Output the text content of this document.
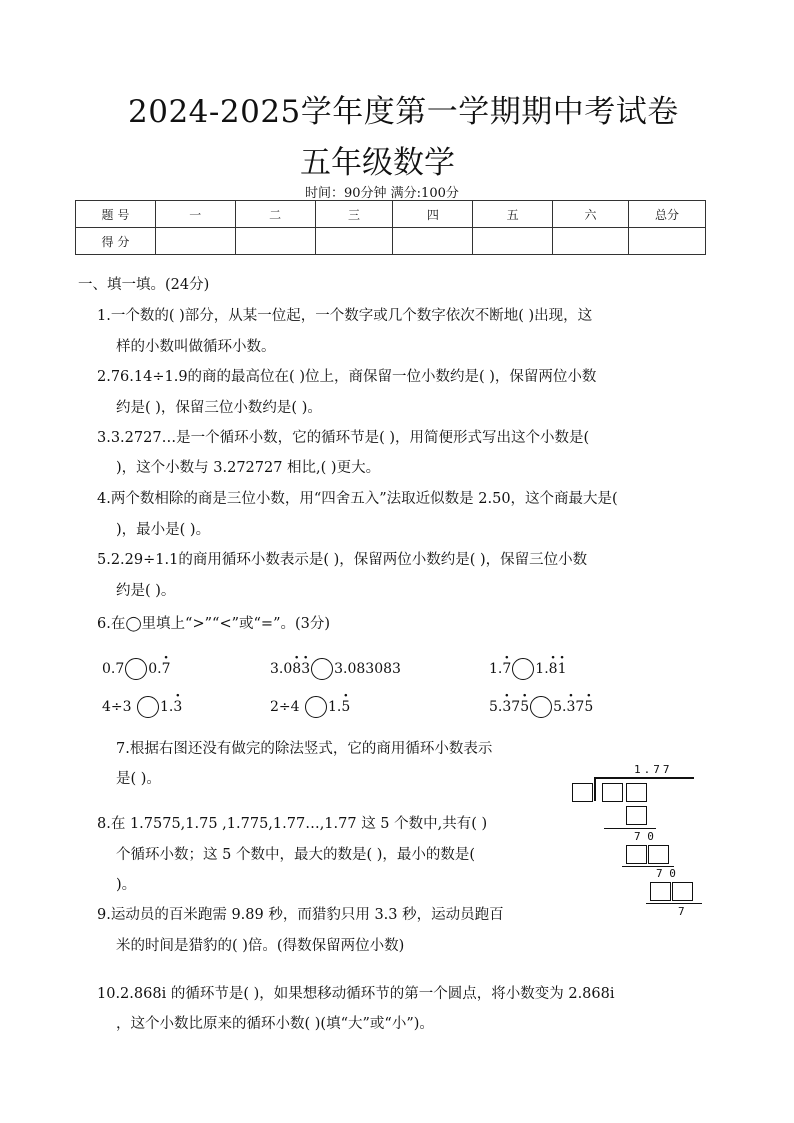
2024-2025学年度第一学期期中考试卷
五年级数学
时间：90分钟 满分:100分
题 号	一	二	三	四	五	六	总分
得 分							
一、填一填。(24分)
1.一个数的( )部分，从某一位起，一个数字或几个数字依次不断地( )出现，这
样的小数叫做循环小数。
2.76.14÷1.9的商的最高位在( )位上，商保留一位小数约是( )，保留两位小数
约是( )，保留三位小数约是( )。
3.3.2727…是一个循环小数，它的循环节是( )，用简便形式写出这个小数是(
)，这个小数与 3.272727 相比,( )更大。
4.两个数相除的商是三位小数，用“四舍五入”法取近似数是 2.50，这个商最大是(
)，最小是( )。
5.2.29÷1.1的商用循环小数表示是( )，保留两位小数约是( )，保留三位小数
约是( )。
6.在◯里填上“>”“<”或“=”。(3分)
0.7 0.· 7	3.0· 8· 3 3.083083	1.· 7 1.· 8· 1
4÷3 1.· 3	2÷4 1.· 5	5.· 37· 5 5.· 37· 5
7.根据右图还没有做完的除法竖式，它的商用循环小数表示
是( )。
1.77
7 0
7 0
7
8.在 1.7575,1.75 ,1.775,1.77…,1.77 这 5 个数中,共有( )
个循环小数；这 5 个数中，最大的数是( )，最小的数是(
)。
9.运动员的百米跑需 9.89 秒，而猎豹只用 3.3 秒，运动员跑百
米的时间是猎豹的( )倍。(得数保留两位小数)
10.2.868i 的循环节是( )，如果想移动循环节的第一个圆点，将小数变为 2.868i
，这个小数比原来的循环小数( )(填“大”或“小”)。
